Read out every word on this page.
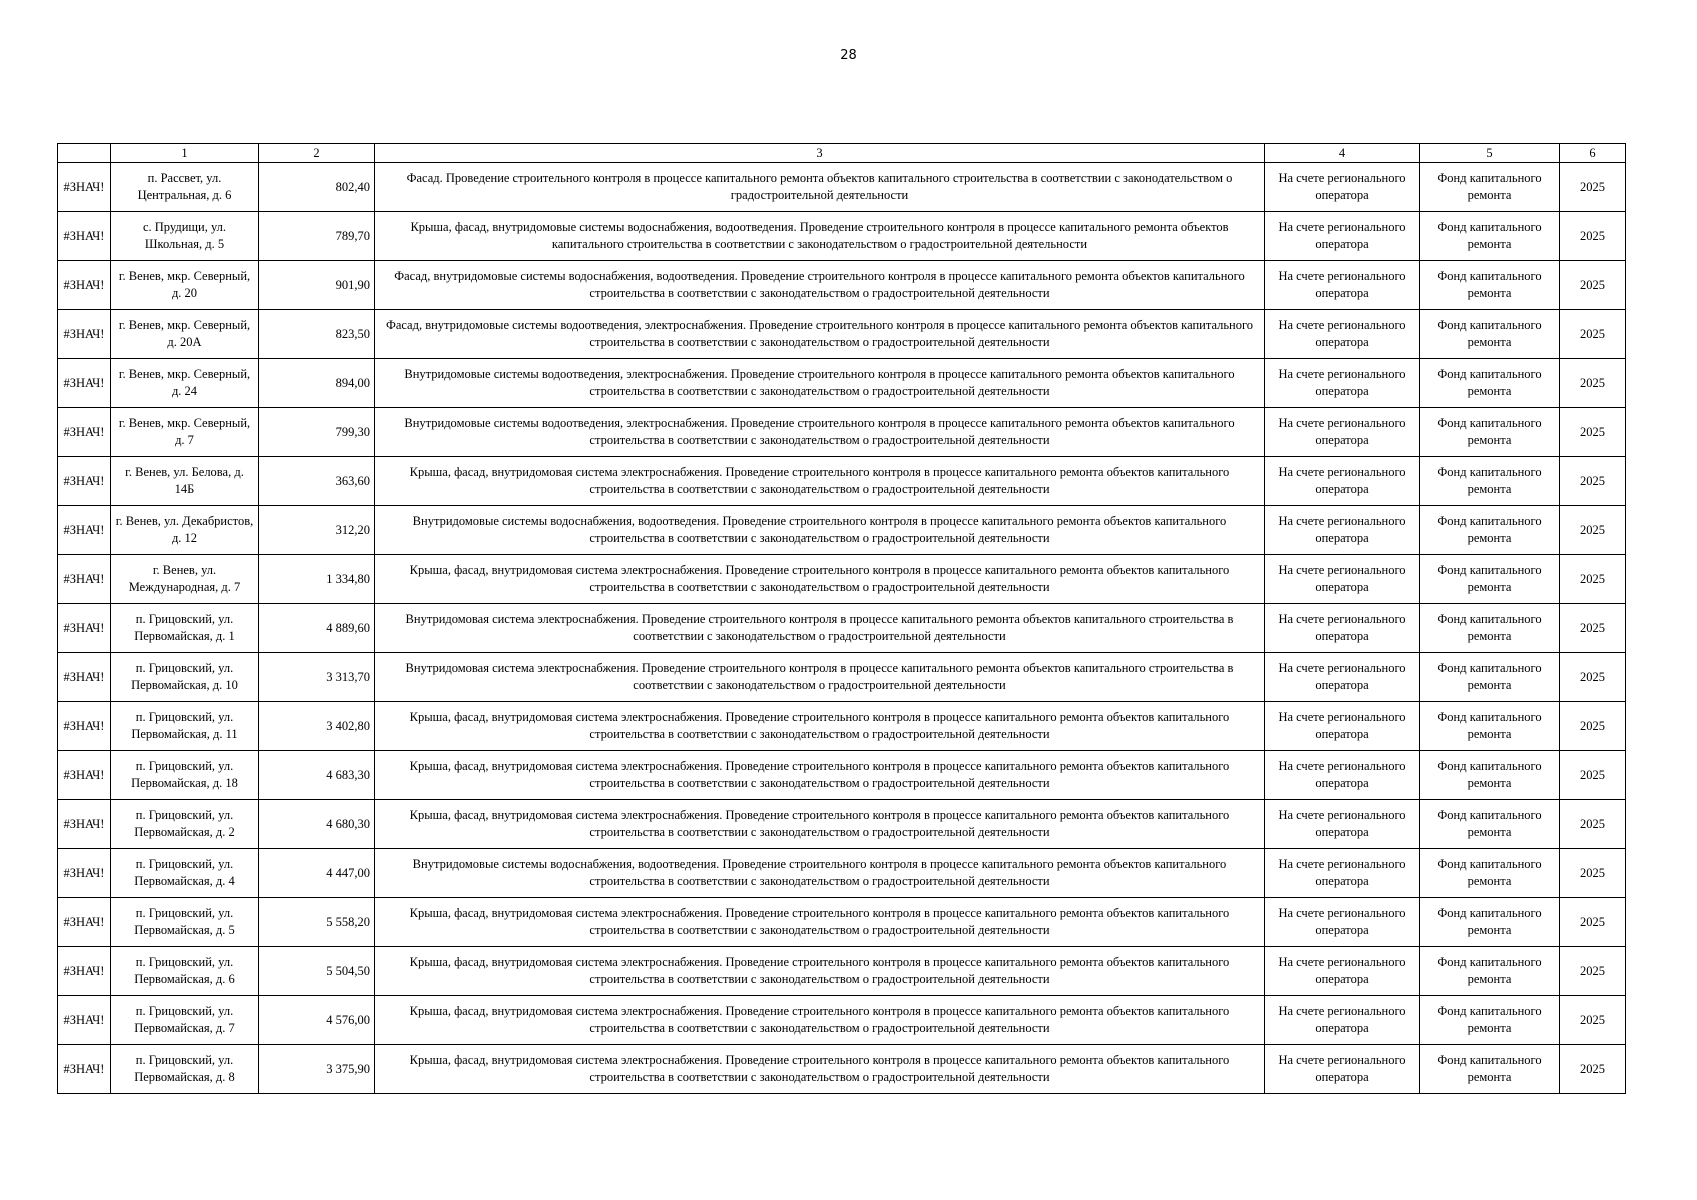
28
	1	2	3	4	5	6
#ЗНАЧ!	п. Рассвет, ул. Центральная, д. 6	802,40	Фасад. Проведение строительного контроля в процессе капитального ремонта объектов капитального строительства в соответствии с законодательством о градостроительной деятельности	На счете регионального оператора	Фонд капитального ремонта	2025
#ЗНАЧ!	с. Прудищи, ул. Школьная, д. 5	789,70	Крыша, фасад, внутридомовые системы водоснабжения, водоотведения. Проведение строительного контроля в процессе капитального ремонта объектов капитального строительства в соответствии с законодательством о градостроительной деятельности	На счете регионального оператора	Фонд капитального ремонта	2025
#ЗНАЧ!	г. Венев, мкр. Северный, д. 20	901,90	Фасад, внутридомовые системы водоснабжения, водоотведения. Проведение строительного контроля в процессе капитального ремонта объектов капитального строительства в соответствии с законодательством о градостроительной деятельности	На счете регионального оператора	Фонд капитального ремонта	2025
#ЗНАЧ!	г. Венев, мкр. Северный, д. 20А	823,50	Фасад, внутридомовые системы водоотведения, электроснабжения. Проведение строительного контроля в процессе капитального ремонта объектов капитального строительства в соответствии с законодательством о градостроительной деятельности	На счете регионального оператора	Фонд капитального ремонта	2025
#ЗНАЧ!	г. Венев, мкр. Северный, д. 24	894,00	Внутридомовые системы водоотведения, электроснабжения. Проведение строительного контроля в процессе капитального ремонта объектов капитального строительства в соответствии с законодательством о градостроительной деятельности	На счете регионального оператора	Фонд капитального ремонта	2025
#ЗНАЧ!	г. Венев, мкр. Северный, д. 7	799,30	Внутридомовые системы водоотведения, электроснабжения. Проведение строительного контроля в процессе капитального ремонта объектов капитального строительства в соответствии с законодательством о градостроительной деятельности	На счете регионального оператора	Фонд капитального ремонта	2025
#ЗНАЧ!	г. Венев, ул. Белова, д. 14Б	363,60	Крыша, фасад, внутридомовая система электроснабжения. Проведение строительного контроля в процессе капитального ремонта объектов капитального строительства в соответствии с законодательством о градостроительной деятельности	На счете регионального оператора	Фонд капитального ремонта	2025
#ЗНАЧ!	г. Венев, ул. Декабристов, д. 12	312,20	Внутридомовые системы водоснабжения, водоотведения. Проведение строительного контроля в процессе капитального ремонта объектов капитального строительства в соответствии с законодательством о градостроительной деятельности	На счете регионального оператора	Фонд капитального ремонта	2025
#ЗНАЧ!	г. Венев, ул. Международная, д. 7	1 334,80	Крыша, фасад, внутридомовая система электроснабжения. Проведение строительного контроля в процессе капитального ремонта объектов капитального строительства в соответствии с законодательством о градостроительной деятельности	На счете регионального оператора	Фонд капитального ремонта	2025
#ЗНАЧ!	п. Грицовский, ул. Первомайская, д. 1	4 889,60	Внутридомовая система электроснабжения. Проведение строительного контроля в процессе капитального ремонта объектов капитального строительства в соответствии с законодательством о градостроительной деятельности	На счете регионального оператора	Фонд капитального ремонта	2025
#ЗНАЧ!	п. Грицовский, ул. Первомайская, д. 10	3 313,70	Внутридомовая система электроснабжения. Проведение строительного контроля в процессе капитального ремонта объектов капитального строительства в соответствии с законодательством о градостроительной деятельности	На счете регионального оператора	Фонд капитального ремонта	2025
#ЗНАЧ!	п. Грицовский, ул. Первомайская, д. 11	3 402,80	Крыша, фасад, внутридомовая система электроснабжения. Проведение строительного контроля в процессе капитального ремонта объектов капитального строительства в соответствии с законодательством о градостроительной деятельности	На счете регионального оператора	Фонд капитального ремонта	2025
#ЗНАЧ!	п. Грицовский, ул. Первомайская, д. 18	4 683,30	Крыша, фасад, внутридомовая система электроснабжения. Проведение строительного контроля в процессе капитального ремонта объектов капитального строительства в соответствии с законодательством о градостроительной деятельности	На счете регионального оператора	Фонд капитального ремонта	2025
#ЗНАЧ!	п. Грицовский, ул. Первомайская, д. 2	4 680,30	Крыша, фасад, внутридомовая система электроснабжения. Проведение строительного контроля в процессе капитального ремонта объектов капитального строительства в соответствии с законодательством о градостроительной деятельности	На счете регионального оператора	Фонд капитального ремонта	2025
#ЗНАЧ!	п. Грицовский, ул. Первомайская, д. 4	4 447,00	Внутридомовые системы водоснабжения, водоотведения. Проведение строительного контроля в процессе капитального ремонта объектов капитального строительства в соответствии с законодательством о градостроительной деятельности	На счете регионального оператора	Фонд капитального ремонта	2025
#ЗНАЧ!	п. Грицовский, ул. Первомайская, д. 5	5 558,20	Крыша, фасад, внутридомовая система электроснабжения. Проведение строительного контроля в процессе капитального ремонта объектов капитального строительства в соответствии с законодательством о градостроительной деятельности	На счете регионального оператора	Фонд капитального ремонта	2025
#ЗНАЧ!	п. Грицовский, ул. Первомайская, д. 6	5 504,50	Крыша, фасад, внутридомовая система электроснабжения. Проведение строительного контроля в процессе капитального ремонта объектов капитального строительства в соответствии с законодательством о градостроительной деятельности	На счете регионального оператора	Фонд капитального ремонта	2025
#ЗНАЧ!	п. Грицовский, ул. Первомайская, д. 7	4 576,00	Крыша, фасад, внутридомовая система электроснабжения. Проведение строительного контроля в процессе капитального ремонта объектов капитального строительства в соответствии с законодательством о градостроительной деятельности	На счете регионального оператора	Фонд капитального ремонта	2025
#ЗНАЧ!	п. Грицовский, ул. Первомайская, д. 8	3 375,90	Крыша, фасад, внутридомовая система электроснабжения. Проведение строительного контроля в процессе капитального ремонта объектов капитального строительства в соответствии с законодательством о градостроительной деятельности	На счете регионального оператора	Фонд капитального ремонта	2025
